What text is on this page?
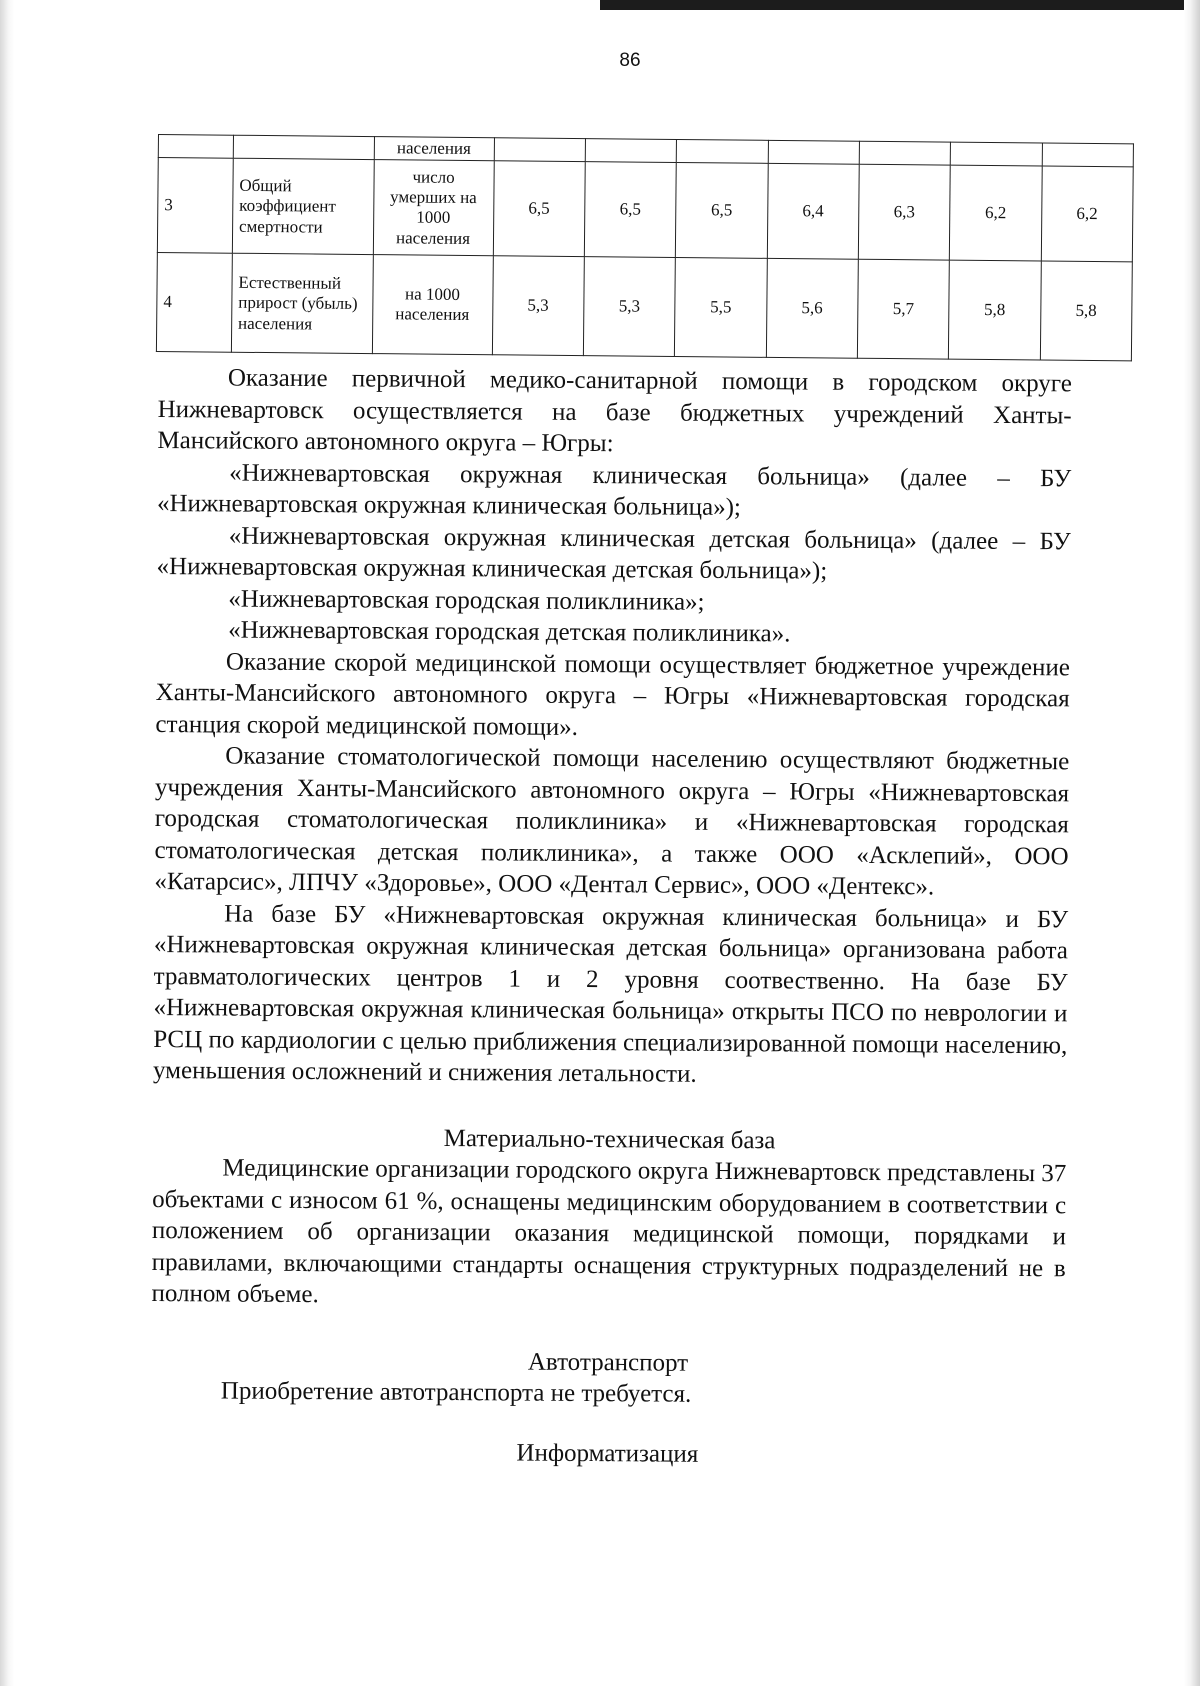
86
		населения							
3	Общий коэффициент смертности	число умерших на 1000 населения	6,5	6,5	6,5	6,4	6,3	6,2	6,2
4	Естественный прирост (убыль) населения	на 1000 населения	5,3	5,3	5,5	5,6	5,7	5,8	5,8

Оказание первичной медико-санитарной помощи в городском округе Нижневартовск осуществляется на базе бюджетных учреждений Ханты-Мансийского автономного округа – Югры:

«Нижневартовская окружная клиническая больница» (далее – БУ «Нижневартовская окружная клиническая больница»);

«Нижневартовская окружная клиническая детская больница» (далее – БУ «Нижневартовская окружная клиническая детская больница»);

«Нижневартовская городская поликлиника»;

«Нижневартовская городская детская поликлиника».

Оказание скорой медицинской помощи осуществляет бюджетное учреждение Ханты-Мансийского автономного округа – Югры «Нижневартовская городская станция скорой медицинской помощи».

Оказание стоматологической помощи населению осуществляют бюджетные учреждения Ханты-Мансийского автономного округа – Югры «Нижневартовская городская стоматологическая поликлиника» и «Нижневартовская городская стоматологическая детская поликлиника», а также ООО «Асклепий», ООО «Катарсис», ЛПЧУ «Здоровье», ООО «Дентал Сервис», ООО «Дентекс».

На базе БУ «Нижневартовская окружная клиническая больница» и БУ «Нижневартовская окружная клиническая детская больница» организована работа травматологических центров 1 и 2 уровня соотвественно. На базе БУ «Нижневартовская окружная клиническая больница» открыты ПСО по неврологии и РСЦ по кардиологии с целью приближения специализированной помощи населению, уменьшения осложнений и снижения летальности.

Материально-техническая база

Медицинские организации городского округа Нижневартовск представлены 37 объектами с износом 61 %, оснащены медицинским оборудованием в соответствии с положением об организации оказания медицинской помощи, порядками и правилами, включающими стандарты оснащения структурных подразделений не в полном объеме.

Автотранспорт

Приобретение автотранспорта не требуется.

Информатизация
